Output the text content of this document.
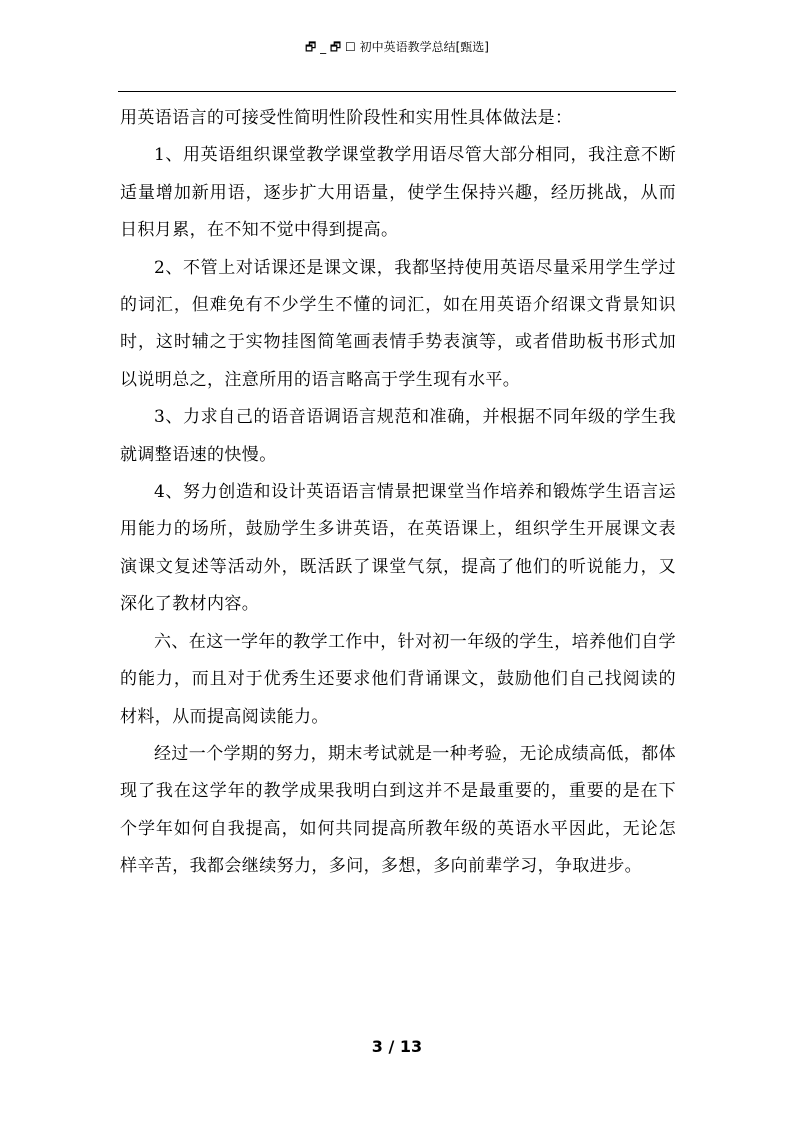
🗗 _ 🗗 ☐ 初中英语教学总结[甄选]

用英语语言的可接受性简明性阶段性和实用性具体做法是：

1、用英语组织课堂教学课堂教学用语尽管大部分相同，我注意不断适量增加新用语，逐步扩大用语量，使学生保持兴趣，经历挑战，从而日积月累，在不知不觉中得到提高。

2、不管上对话课还是课文课，我都坚持使用英语尽量采用学生学过的词汇，但难免有不少学生不懂的词汇，如在用英语介绍课文背景知识时，这时辅之于实物挂图简笔画表情手势表演等，或者借助板书形式加以说明总之，注意所用的语言略高于学生现有水平。

3、力求自己的语音语调语言规范和准确，并根据不同年级的学生我就调整语速的快慢。

4、努力创造和设计英语语言情景把课堂当作培养和锻炼学生语言运用能力的场所，鼓励学生多讲英语，在英语课上，组织学生开展课文表演课文复述等活动外，既活跃了课堂气氛，提高了他们的听说能力，又深化了教材内容。

六、在这一学年的教学工作中，针对初一年级的学生，培养他们自学的能力，而且对于优秀生还要求他们背诵课文，鼓励他们自己找阅读的材料，从而提高阅读能力。

经过一个学期的努力，期末考试就是一种考验，无论成绩高低，都体现了我在这学年的教学成果我明白到这并不是最重要的，重要的是在下个学年如何自我提高，如何共同提高所教年级的英语水平因此，无论怎样辛苦，我都会继续努力，多问，多想，多向前辈学习，争取进步。

3 / 13
